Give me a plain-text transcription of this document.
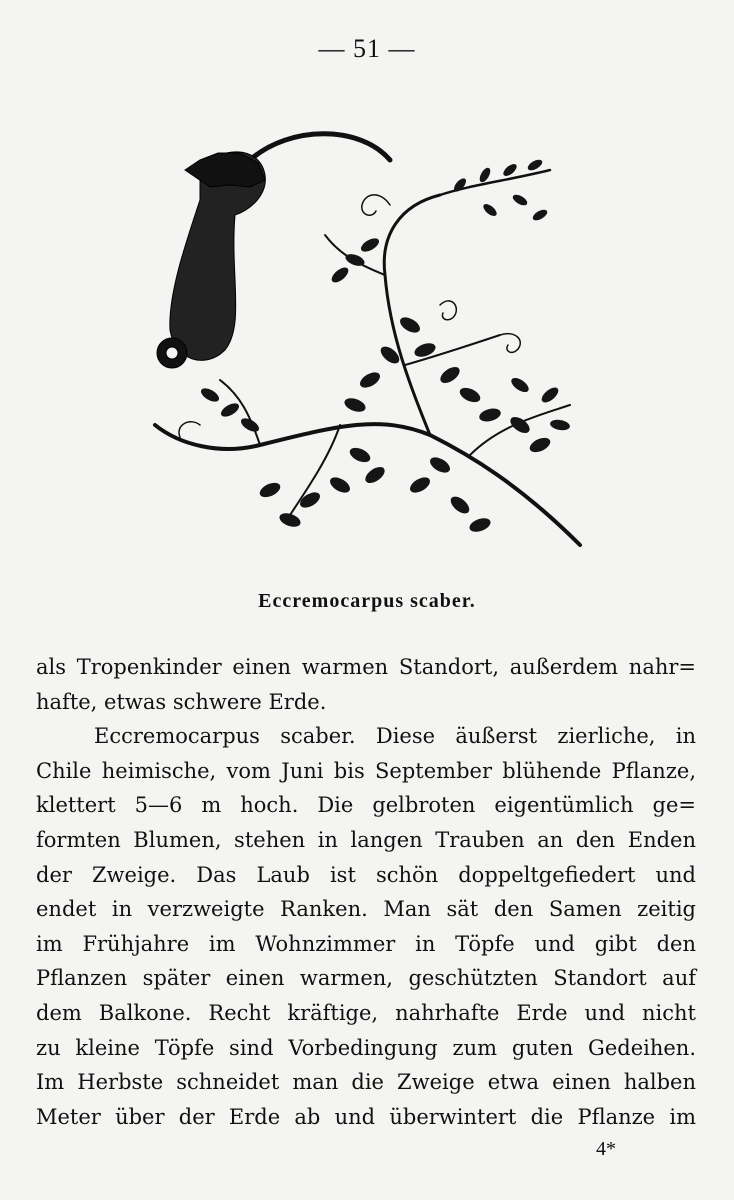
— 51 —
Eccremocarpus scaber.
als Tropenkinder einen warmen Standort, außerdem nahr=
hafte, etwas schwere Erde.
Eccremocarpus scaber. Diese äußerst zierliche, in
Chile heimische, vom Juni bis September blühende Pflanze,
klettert 5—6 m hoch. Die gelbroten eigentümlich ge=
formten Blumen, stehen in langen Trauben an den Enden
der Zweige. Das Laub ist schön doppeltgefiedert und
endet in verzweigte Ranken. Man sät den Samen zeitig
im Frühjahre im Wohnzimmer in Töpfe und gibt den
Pflanzen später einen warmen, geschützten Standort auf
dem Balkone. Recht kräftige, nahrhafte Erde und nicht
zu kleine Töpfe sind Vorbedingung zum guten Gedeihen.
Im Herbste schneidet man die Zweige etwa einen halben
Meter über der Erde ab und überwintert die Pflanze im
4*
